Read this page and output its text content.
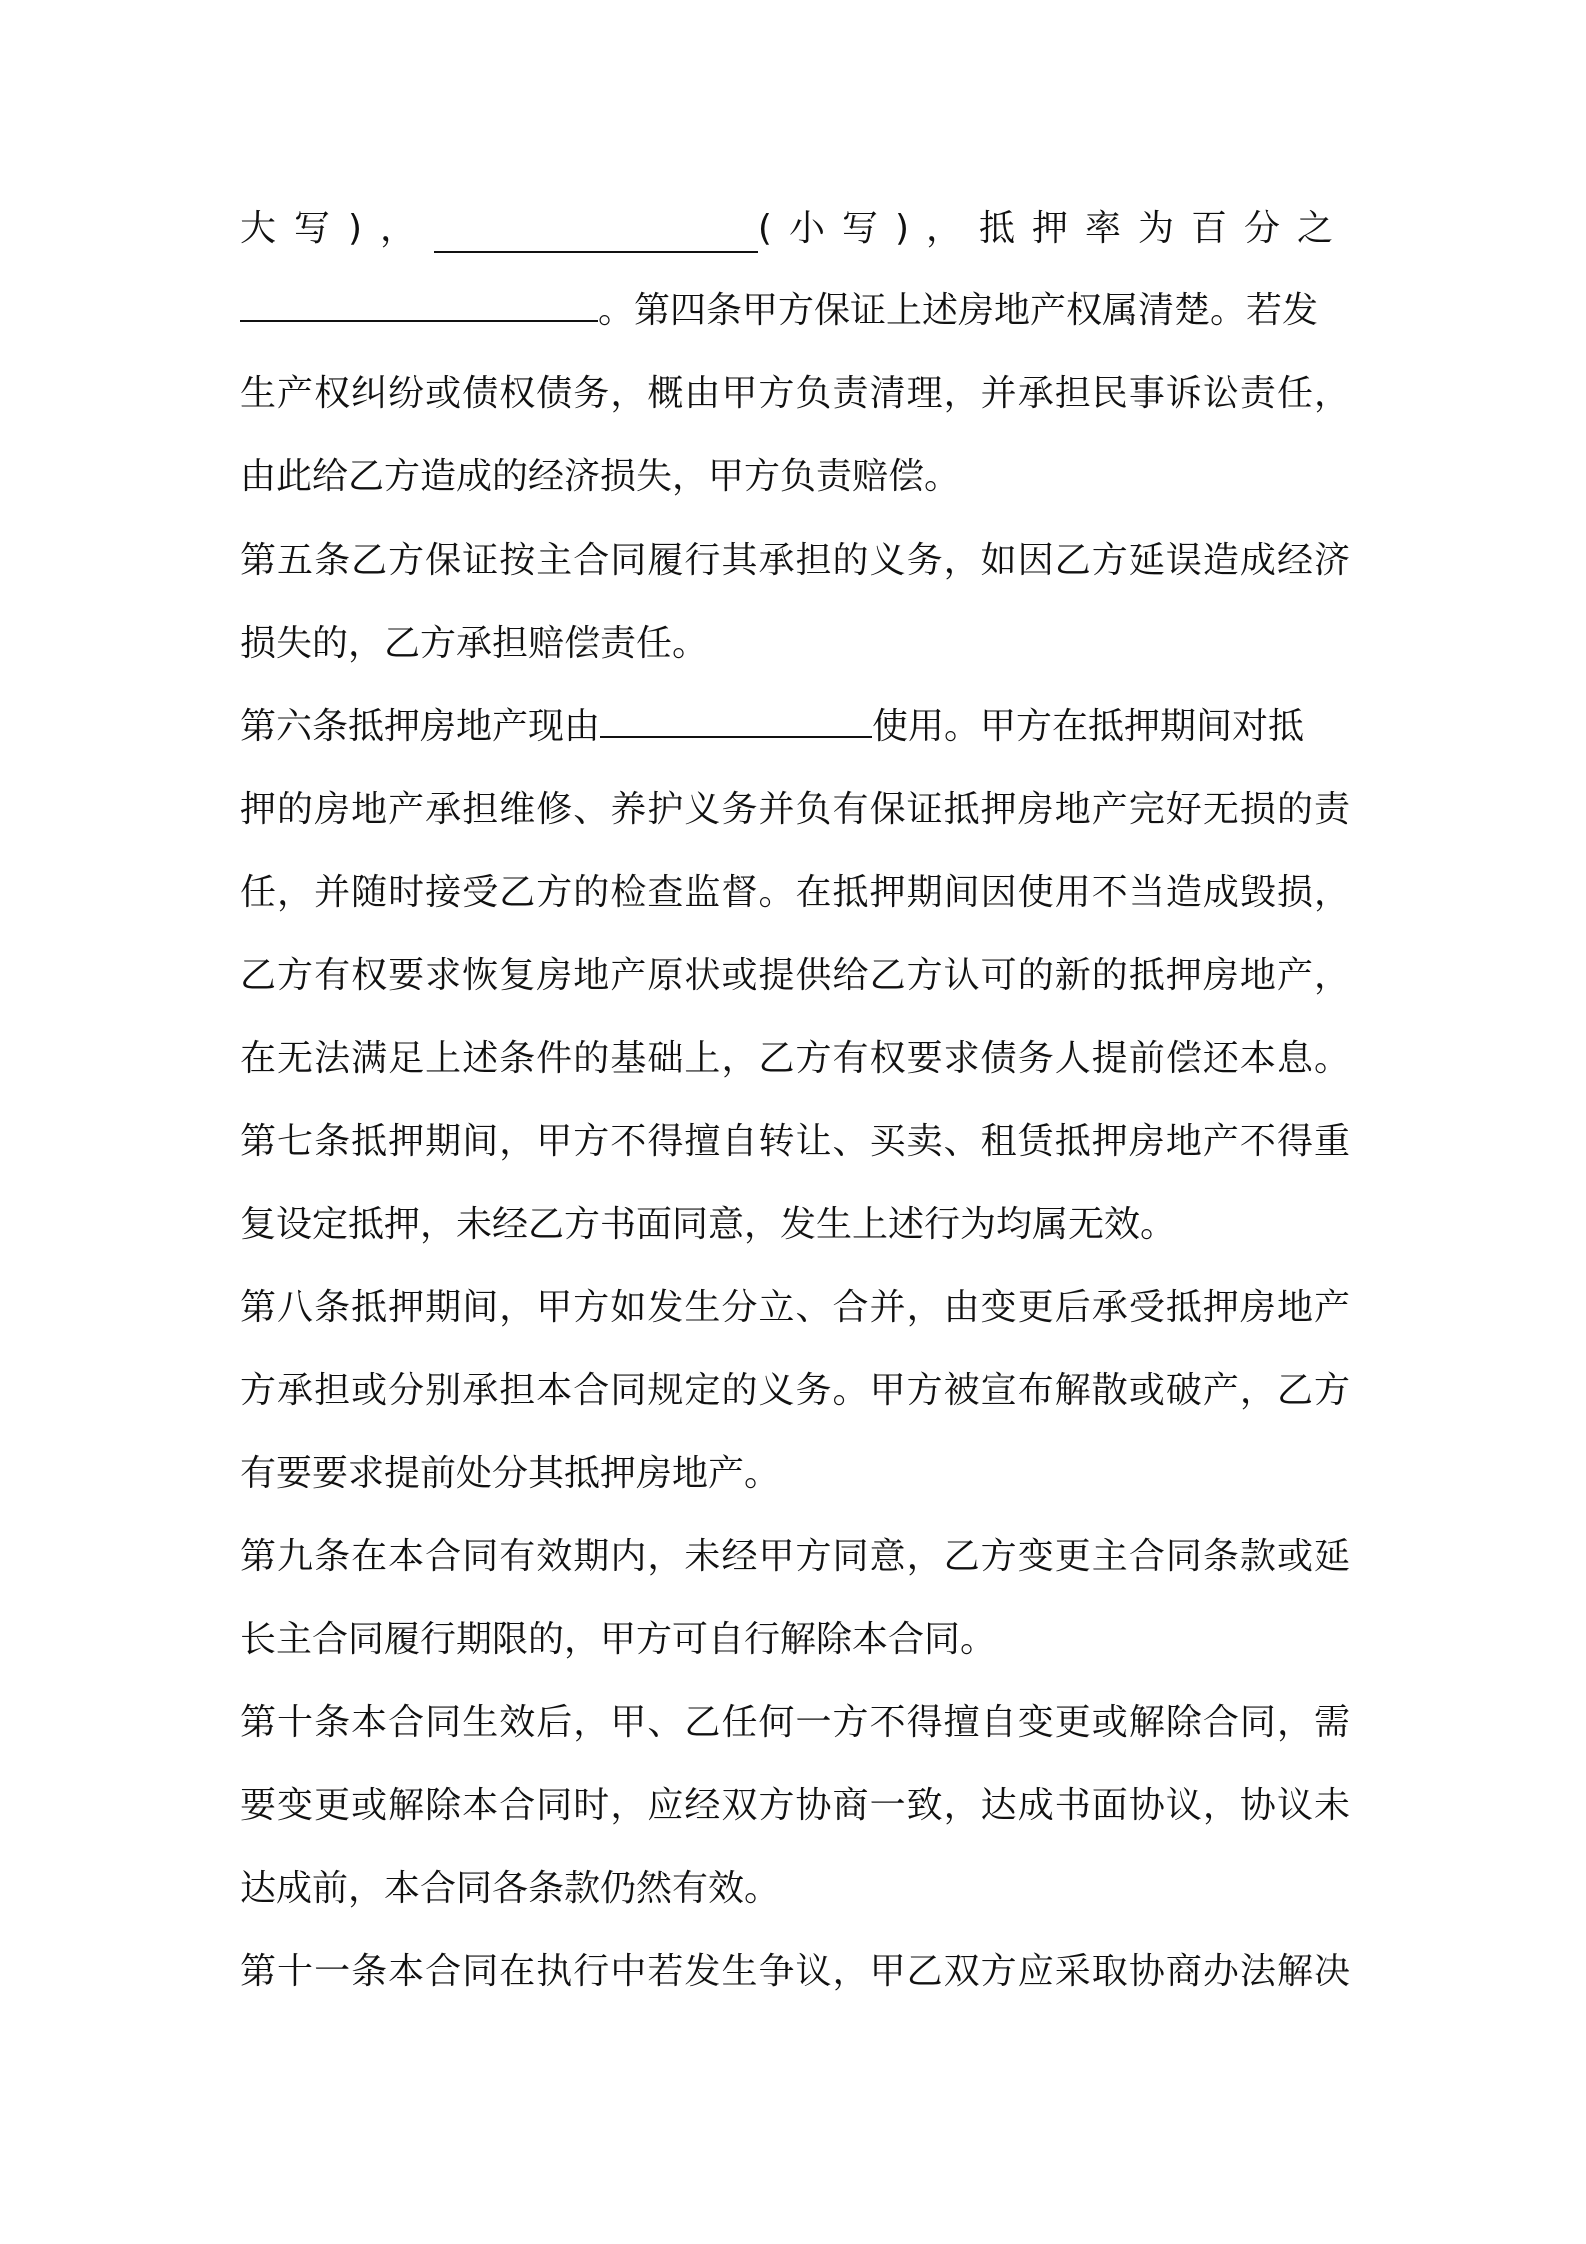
大写)，	(小写)，抵押率为百分之
。第四条甲方保证上述房地产权属清楚。若发
生产权纠纷或债权债务，概由甲方负责清理，并承担民事诉讼责任，
由此给乙方造成的经济损失，甲方负责赔偿。
第五条乙方保证按主合同履行其承担的义务，如因乙方延误造成经济
损失的，乙方承担赔偿责任。
第六条抵押房地产现由	使用。甲方在抵押期间对抵
押的房地产承担维修、养护义务并负有保证抵押房地产完好无损的责
任，并随时接受乙方的检查监督。在抵押期间因使用不当造成毁损，
乙方有权要求恢复房地产原状或提供给乙方认可的新的抵押房地产，
在无法满足上述条件的基础上，乙方有权要求债务人提前偿还本息。
第七条抵押期间，甲方不得擅自转让、买卖、租赁抵押房地产不得重
复设定抵押，未经乙方书面同意，发生上述行为均属无效。
第八条抵押期间，甲方如发生分立、合并，由变更后承受抵押房地产
方承担或分别承担本合同规定的义务。甲方被宣布解散或破产，乙方
有要要求提前处分其抵押房地产。
第九条在本合同有效期内，未经甲方同意，乙方变更主合同条款或延
长主合同履行期限的，甲方可自行解除本合同。
第十条本合同生效后，甲、乙任何一方不得擅自变更或解除合同，需
要变更或解除本合同时，应经双方协商一致，达成书面协议，协议未
达成前，本合同各条款仍然有效。
第十一条本合同在执行中若发生争议，甲乙双方应采取协商办法解决
